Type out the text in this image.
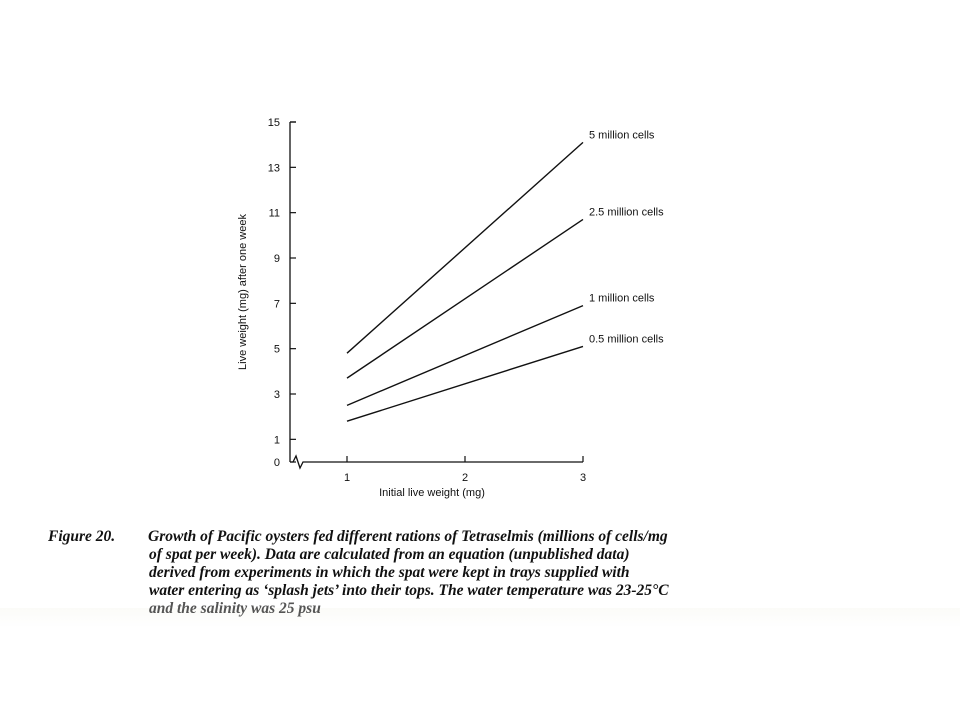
0
1
3
5
7
9
11
13
15
Live weight (mg) after one week
1	2	3
Initial live weight (mg)
5 million cells
2.5 million cells
1 million cells
0.5 million cells
Figure 20. Growth of Pacific oysters fed different rations of Tetraselmis (millions of cells/mg
of spat per week). Data are calculated from an equation (unpublished data)
derived from experiments in which the spat were kept in trays supplied with
water entering as ‘splash jets’ into their tops. The water temperature was 23-25°C
and the salinity was 25 psu
